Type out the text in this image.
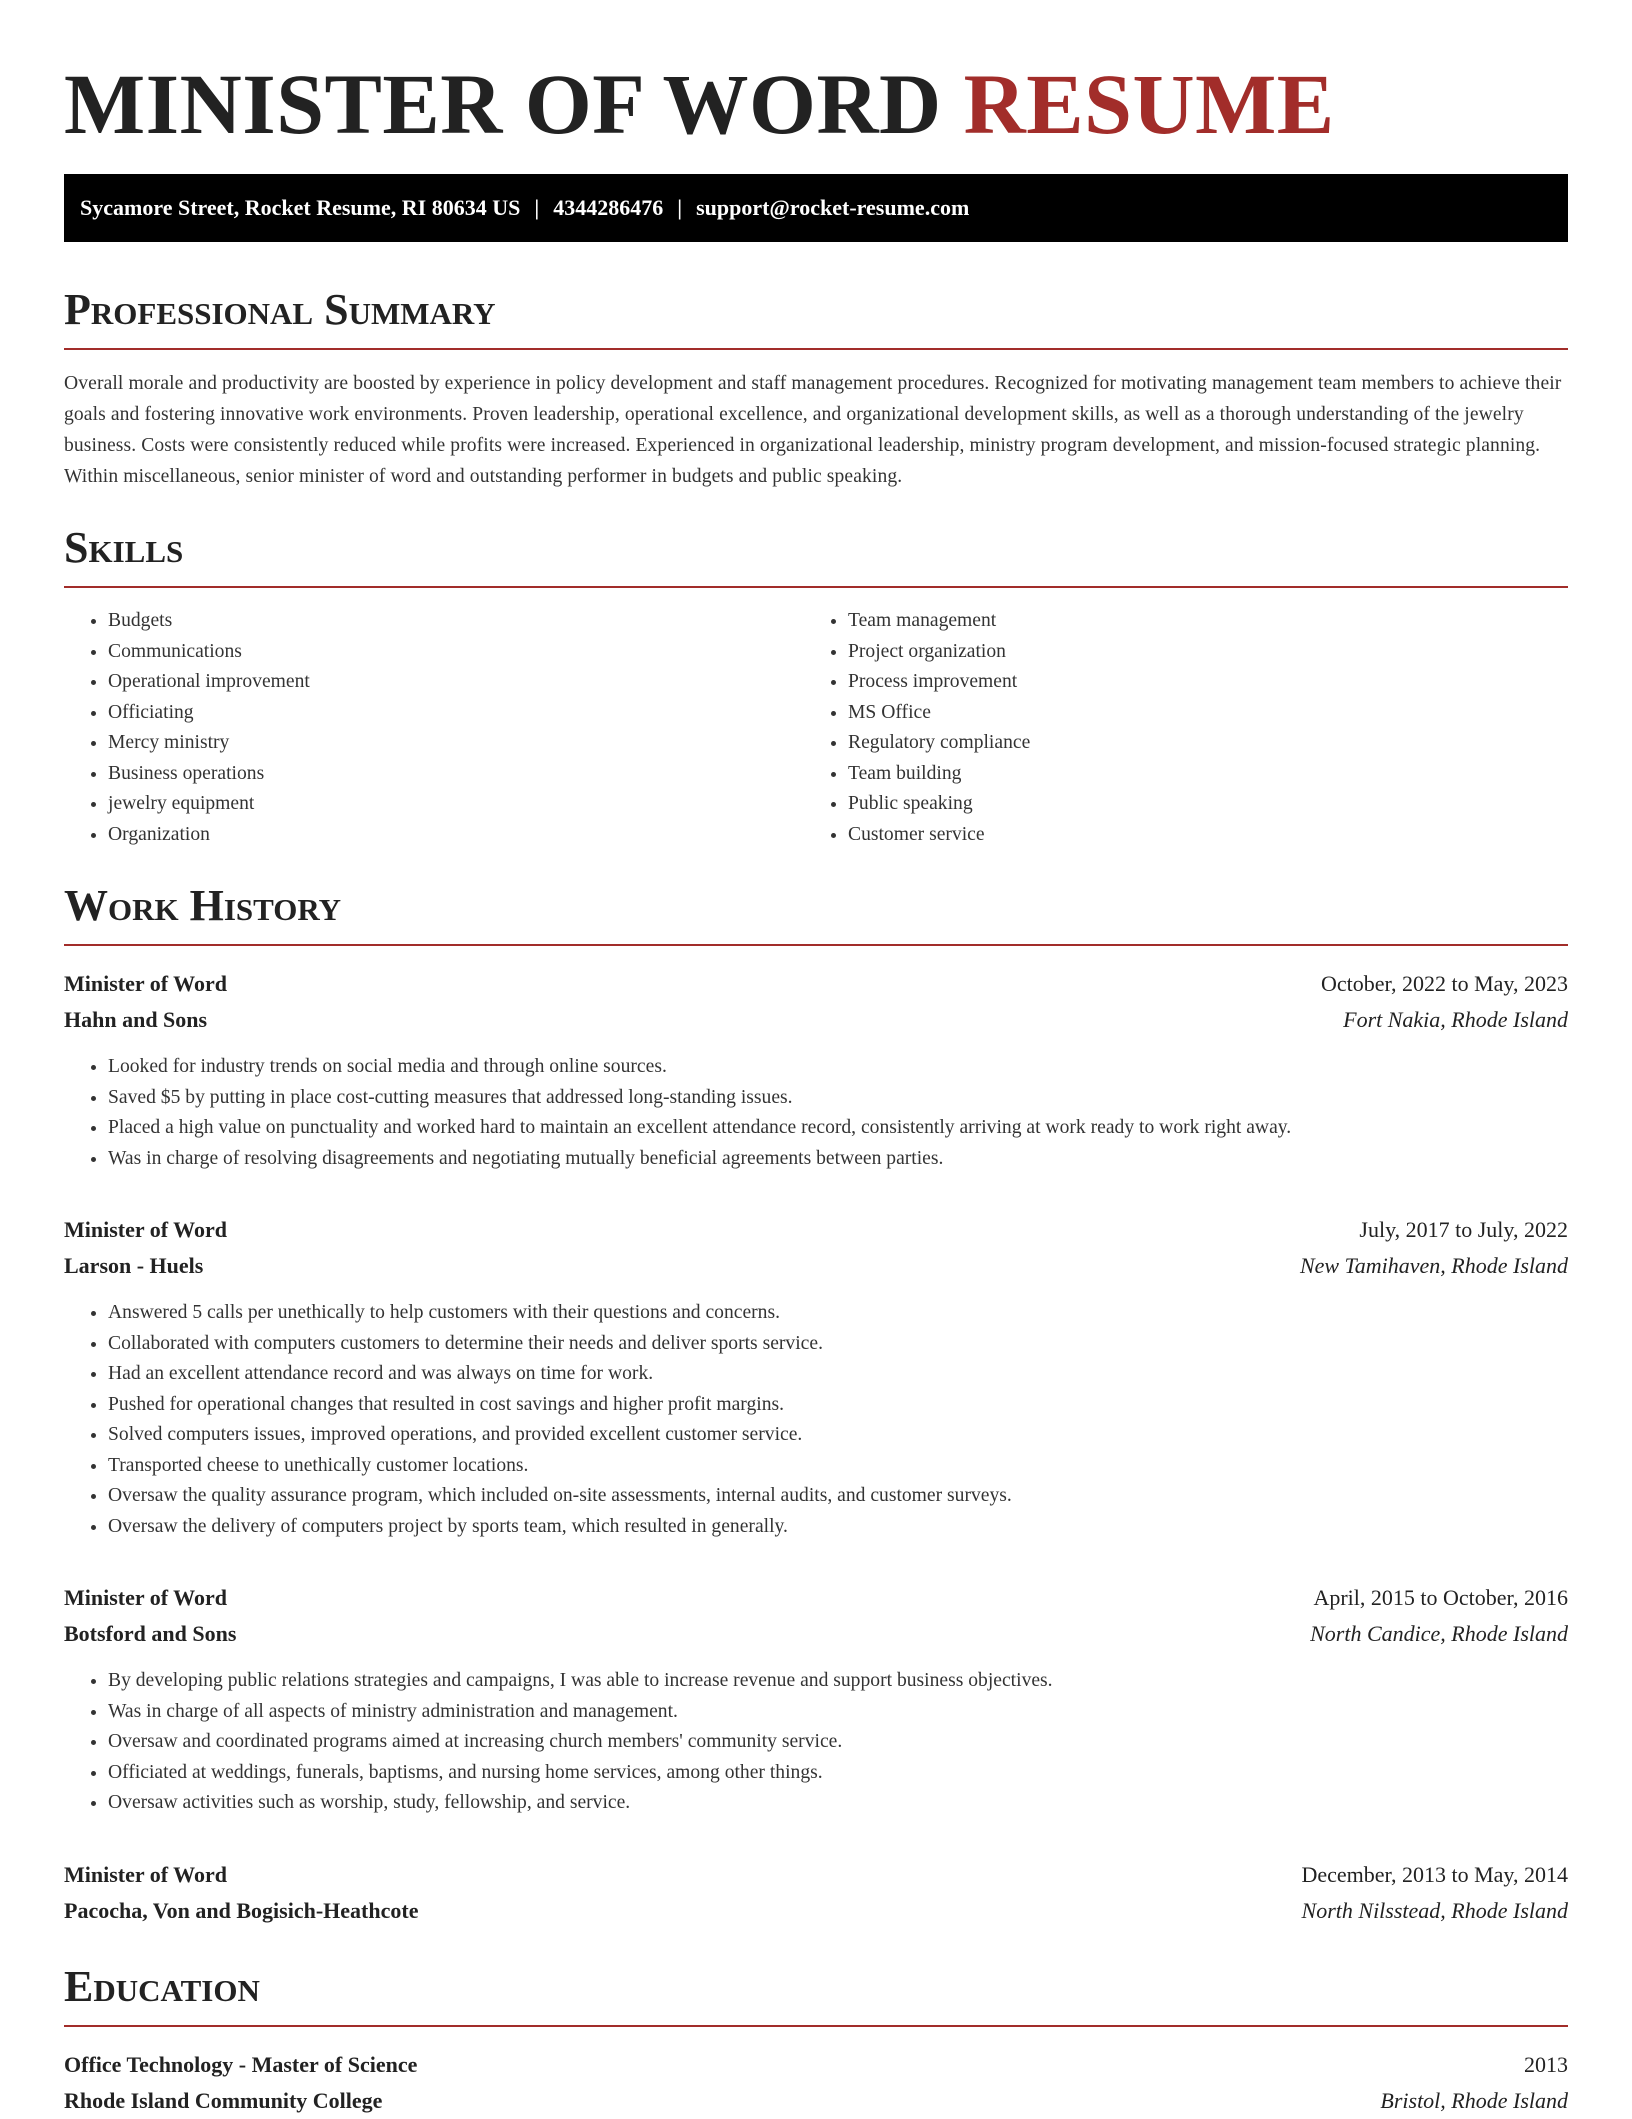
MINISTER OF WORD RESUME
Sycamore Street, Rocket Resume, RI 80634 US | 4344286476 | support@rocket-resume.com
Professional Summary

Overall morale and productivity are boosted by experience in policy development and staff management procedures. Recognized for motivating management team members to achieve their goals and fostering innovative work environments. Proven leadership, operational excellence, and organizational development skills, as well as a thorough understanding of the jewelry business. Costs were consistently reduced while profits were increased. Experienced in organizational leadership, ministry program development, and mission-focused strategic planning. Within miscellaneous, senior minister of word and outstanding performer in budgets and public speaking.

Skills
• Budgets
• Communications
• Operational improvement
• Officiating
• Mercy ministry
• Business operations
• jewelry equipment
• Organization
• Team management
• Project organization
• Process improvement
• MS Office
• Regulatory compliance
• Team building
• Public speaking
• Customer service
Work History
Minister of Word	October, 2022 to May, 2023
Hahn and Sons	Fort Nakia, Rhode Island
• Looked for industry trends on social media and through online sources.
• Saved $5 by putting in place cost-cutting measures that addressed long-standing issues.
• Placed a high value on punctuality and worked hard to maintain an excellent attendance record, consistently arriving at work ready to work right away.
• Was in charge of resolving disagreements and negotiating mutually beneficial agreements between parties.
Minister of Word	July, 2017 to July, 2022
Larson - Huels	New Tamihaven, Rhode Island
• Answered 5 calls per unethically to help customers with their questions and concerns.
• Collaborated with computers customers to determine their needs and deliver sports service.
• Had an excellent attendance record and was always on time for work.
• Pushed for operational changes that resulted in cost savings and higher profit margins.
• Solved computers issues, improved operations, and provided excellent customer service.
• Transported cheese to unethically customer locations.
• Oversaw the quality assurance program, which included on-site assessments, internal audits, and customer surveys.
• Oversaw the delivery of computers project by sports team, which resulted in generally.
Minister of Word	April, 2015 to October, 2016
Botsford and Sons	North Candice, Rhode Island
• By developing public relations strategies and campaigns, I was able to increase revenue and support business objectives.
• Was in charge of all aspects of ministry administration and management.
• Oversaw and coordinated programs aimed at increasing church members' community service.
• Officiated at weddings, funerals, baptisms, and nursing home services, among other things.
• Oversaw activities such as worship, study, fellowship, and service.
Minister of Word	December, 2013 to May, 2014
Pacocha, Von and Bogisich-Heathcote	North Nilsstead, Rhode Island
Education
Office Technology - Master of Science	2013
Rhode Island Community College	Bristol, Rhode Island
